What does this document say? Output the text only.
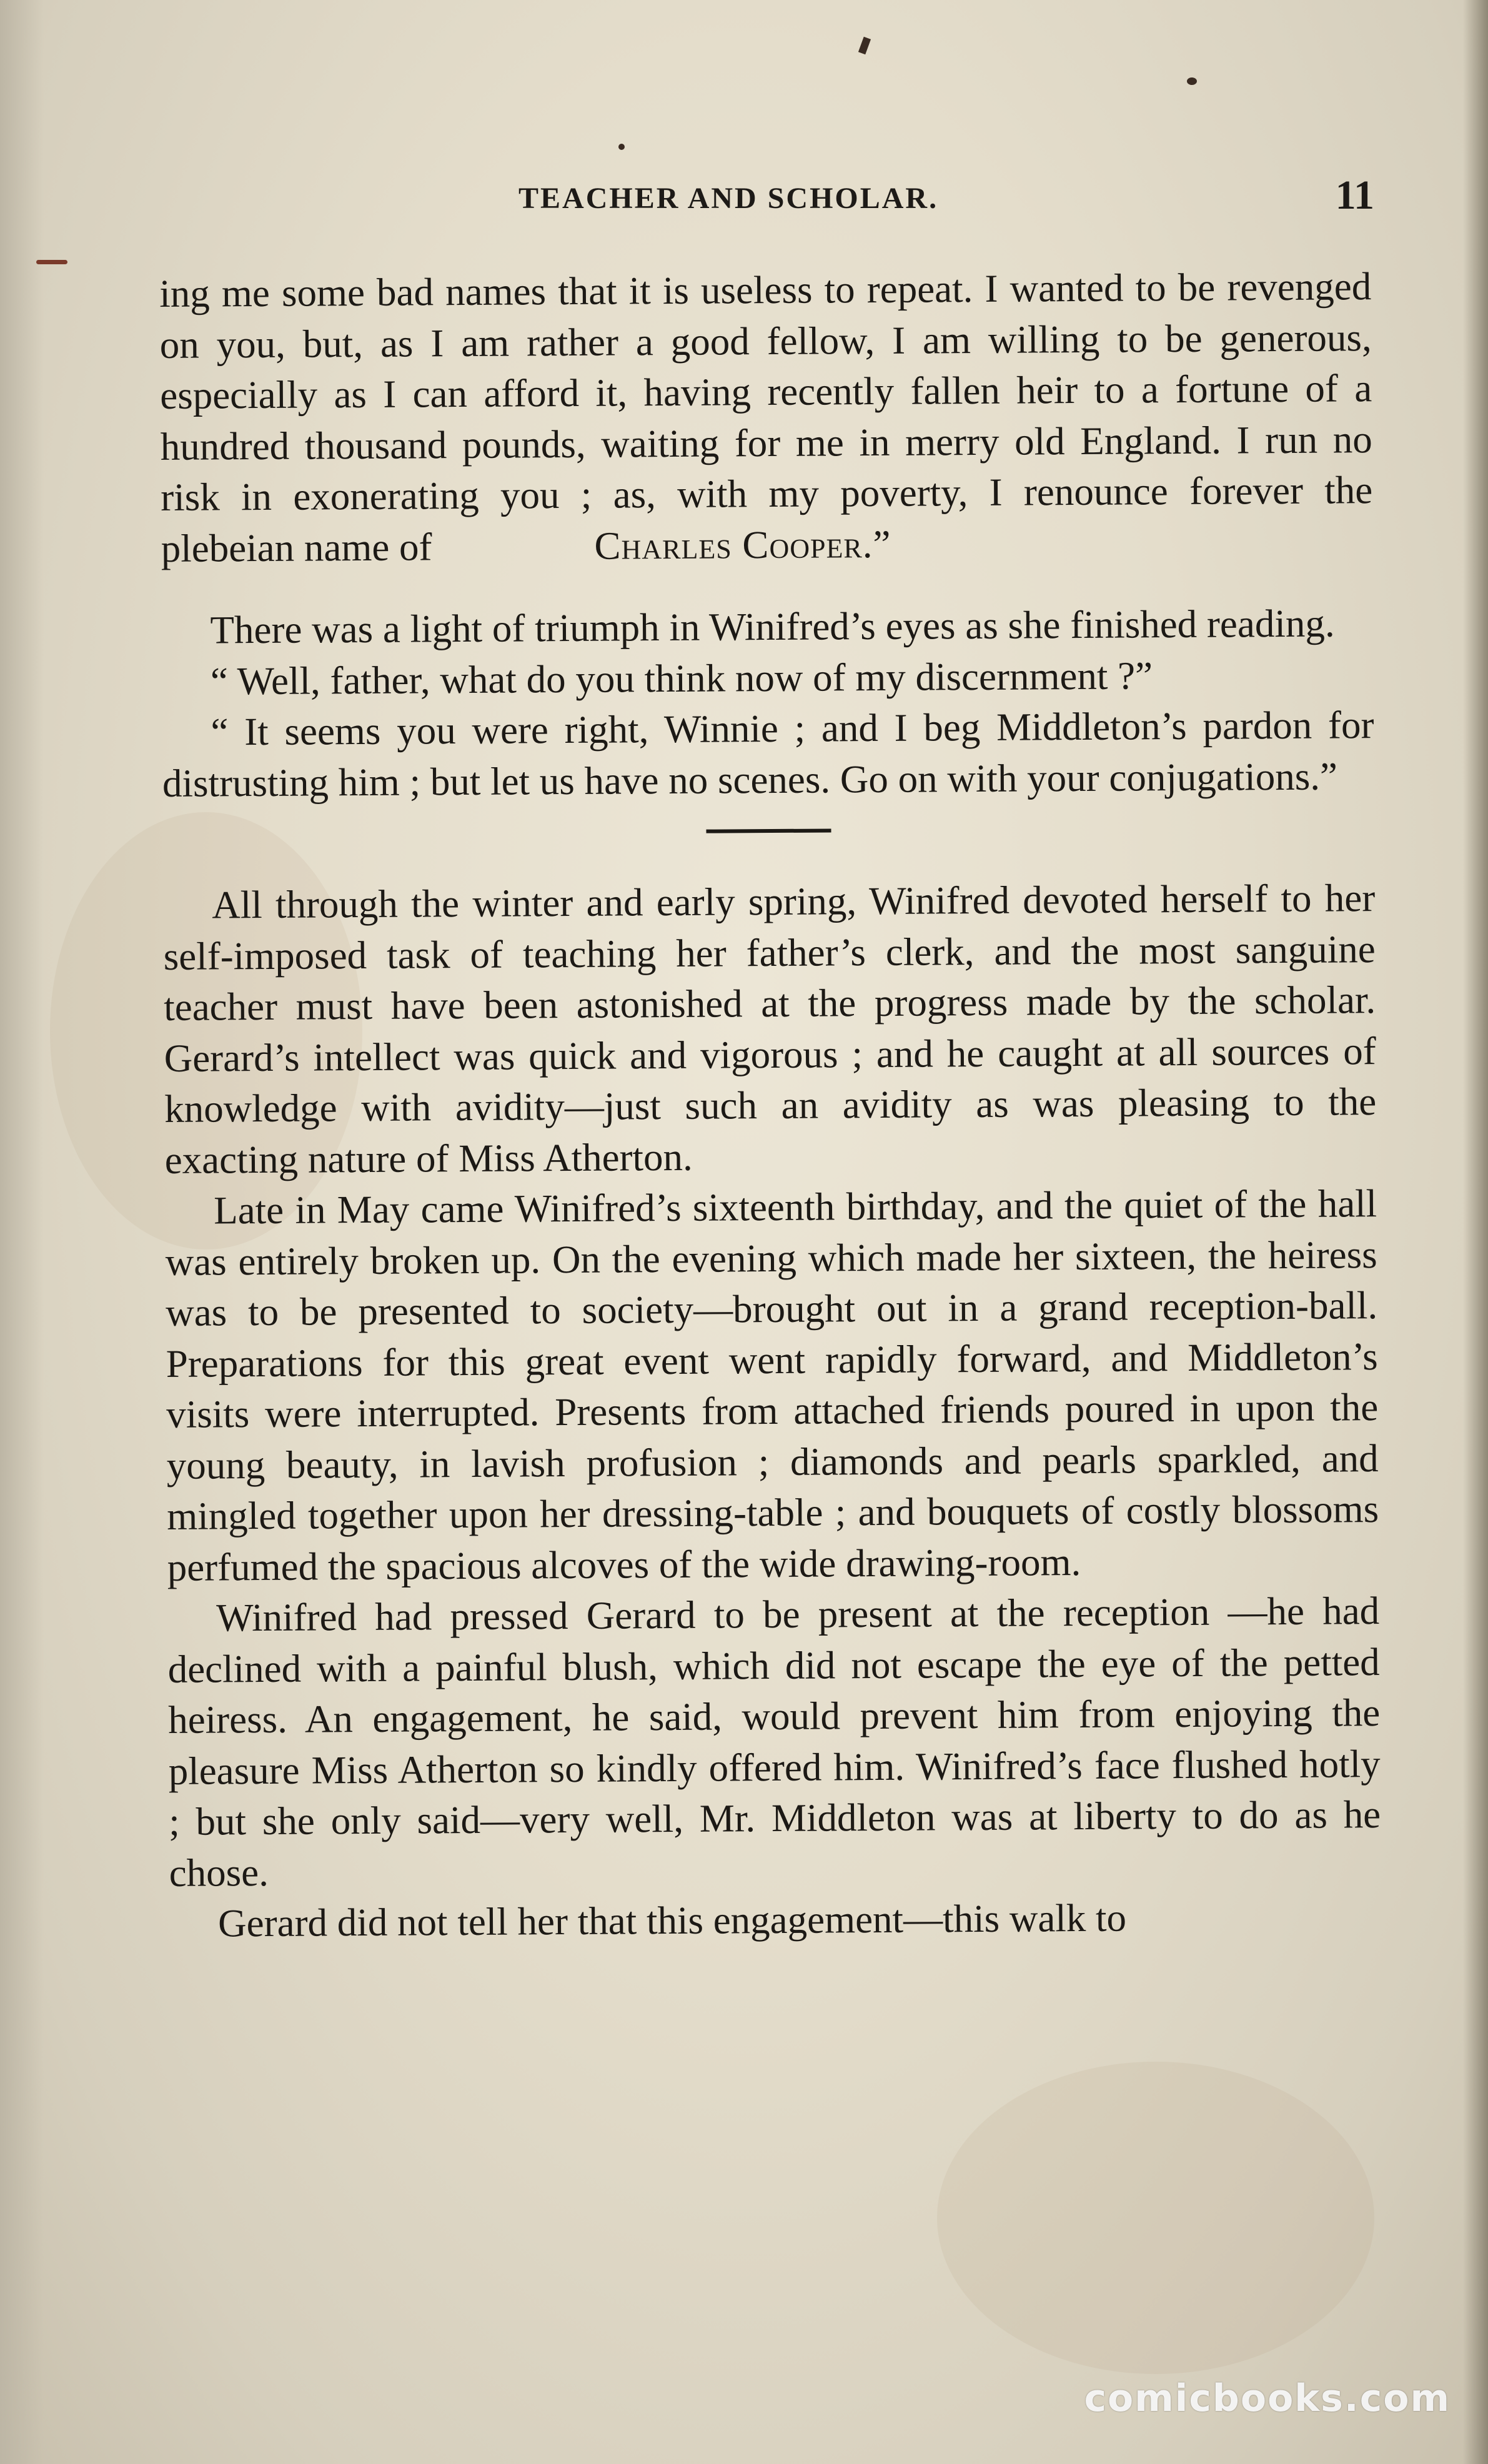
TEACHER AND SCHOLAR.	11

ing me some bad names that it is useless to repeat. I wanted to be revenged on you, but, as I am rather a good fellow, I am willing to be generous, especially as I can afford it, having recently fallen heir to a fortune of a hundred thousand pounds, waiting for me in merry old England. I run no risk in exonerating you ; as, with my poverty, I renounce forever the plebeian name of	Charles Cooper.”

There was a light of triumph in Winifred’s eyes as she finished reading.

“ Well, father, what do you think now of my discernment ?”

“ It seems you were right, Winnie ; and I beg Middleton’s pardon for distrusting him ; but let us have no scenes. Go on with your conjugations.”

All through the winter and early spring, Winifred devoted herself to her self-imposed task of teaching her father’s clerk, and the most sanguine teacher must have been astonished at the progress made by the scholar. Gerard’s intellect was quick and vigorous ; and he caught at all sources of knowledge with avidity—just such an avidity as was pleasing to the exacting nature of Miss Atherton.

Late in May came Winifred’s sixteenth birthday, and the quiet of the hall was entirely broken up. On the evening which made her sixteen, the heiress was to be presented to society—brought out in a grand reception-ball. Preparations for this great event went rapidly forward, and Middleton’s visits were interrupted. Presents from attached friends poured in upon the young beauty, in lavish profusion ; diamonds and pearls sparkled, and mingled together upon her dressing-table ; and bouquets of costly blossoms perfumed the spacious alcoves of the wide drawing-room.

Winifred had pressed Gerard to be present at the reception —he had declined with a painful blush, which did not escape the eye of the petted heiress. An engagement, he said, would prevent him from enjoying the pleasure Miss Atherton so kindly offered him. Winifred’s face flushed hotly ; but she only said—very well, Mr. Middleton was at liberty to do as he chose.

Gerard did not tell her that this engagement—this walk to

comicbooks.com
